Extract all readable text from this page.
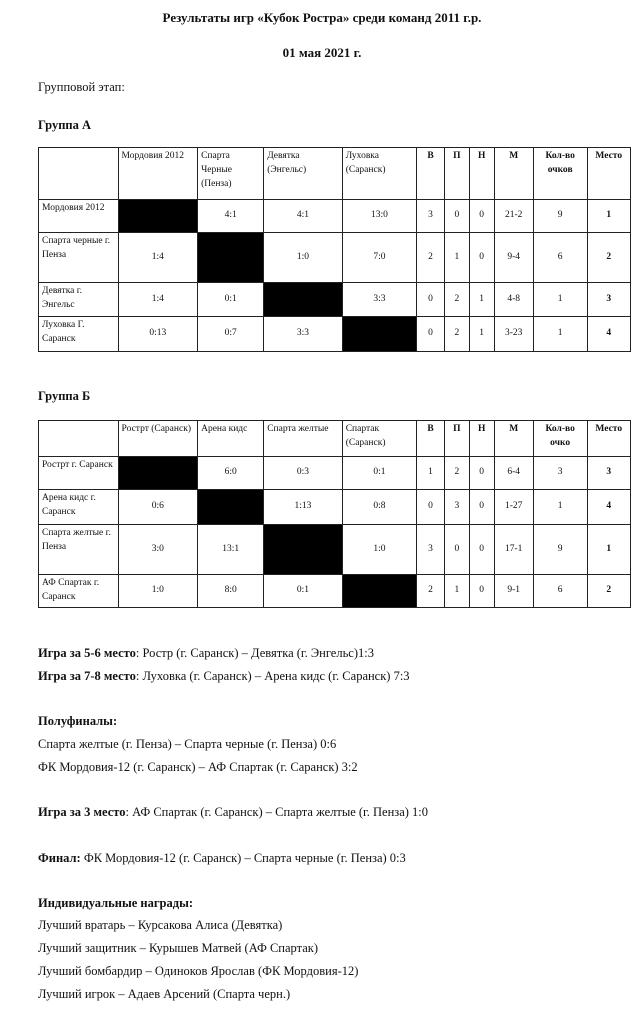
Результаты игр «Кубок Ростра» среди команд 2011 г.р.
01 мая 2021 г.
Групповой этап:
Группа А
	Мордовия 2012	Спарта Черные (Пенза)	Девятка (Энгельс)	Луховка (Саранск)	В	П	Н	М	Кол-во очков	Место
Мордовия 2012		4:1	4:1	13:0	3	0	0	21-2	9	1
Спарта черные г. Пенза	1:4		1:0	7:0	2	1	0	9-4	6	2
Девятка г. Энгельс	1:4	0:1		3:3	0	2	1	4-8	1	3
Луховка Г. Саранск	0:13	0:7	3:3		0	2	1	3-23	1	4
Группа Б
	Рострт (Саранск)	Арена кидс	Спарта желтые	Спартак (Саранск)	В	П	Н	М	Кол-во очко	Место
Рострт г. Саранск		6:0	0:3	0:1	1	2	0	6-4	3	3
Арена кидс г. Саранск	0:6		1:13	0:8	0	3	0	1-27	1	4
Спарта желтые г. Пенза	3:0	13:1		1:0	3	0	0	17-1	9	1
АФ Спартак г. Саранск	1:0	8:0	0:1		2	1	0	9-1	6	2
Игра за 5-6 место: Ростр (г. Саранск) – Девятка (г. Энгельс)1:3
Игра за 7-8 место: Луховка (г. Саранск) – Арена кидс (г. Саранск) 7:3
Полуфиналы:
Спарта желтые (г. Пенза) – Спарта черные (г. Пенза) 0:6
ФК Мордовия-12 (г. Саранск) – АФ Спартак (г. Саранск) 3:2
Игра за 3 место: АФ Спартак (г. Саранск) – Спарта желтые (г. Пенза) 1:0
Финал: ФК Мордовия-12 (г. Саранск) – Спарта черные (г. Пенза) 0:3
Индивидуальные награды:
Лучший вратарь – Курсакова Алиса (Девятка)
Лучший защитник – Курышев Матвей (АФ Спартак)
Лучший бомбардир – Одиноков Ярослав (ФК Мордовия-12)
Лучший игрок – Адаев Арсений (Спарта черн.)
